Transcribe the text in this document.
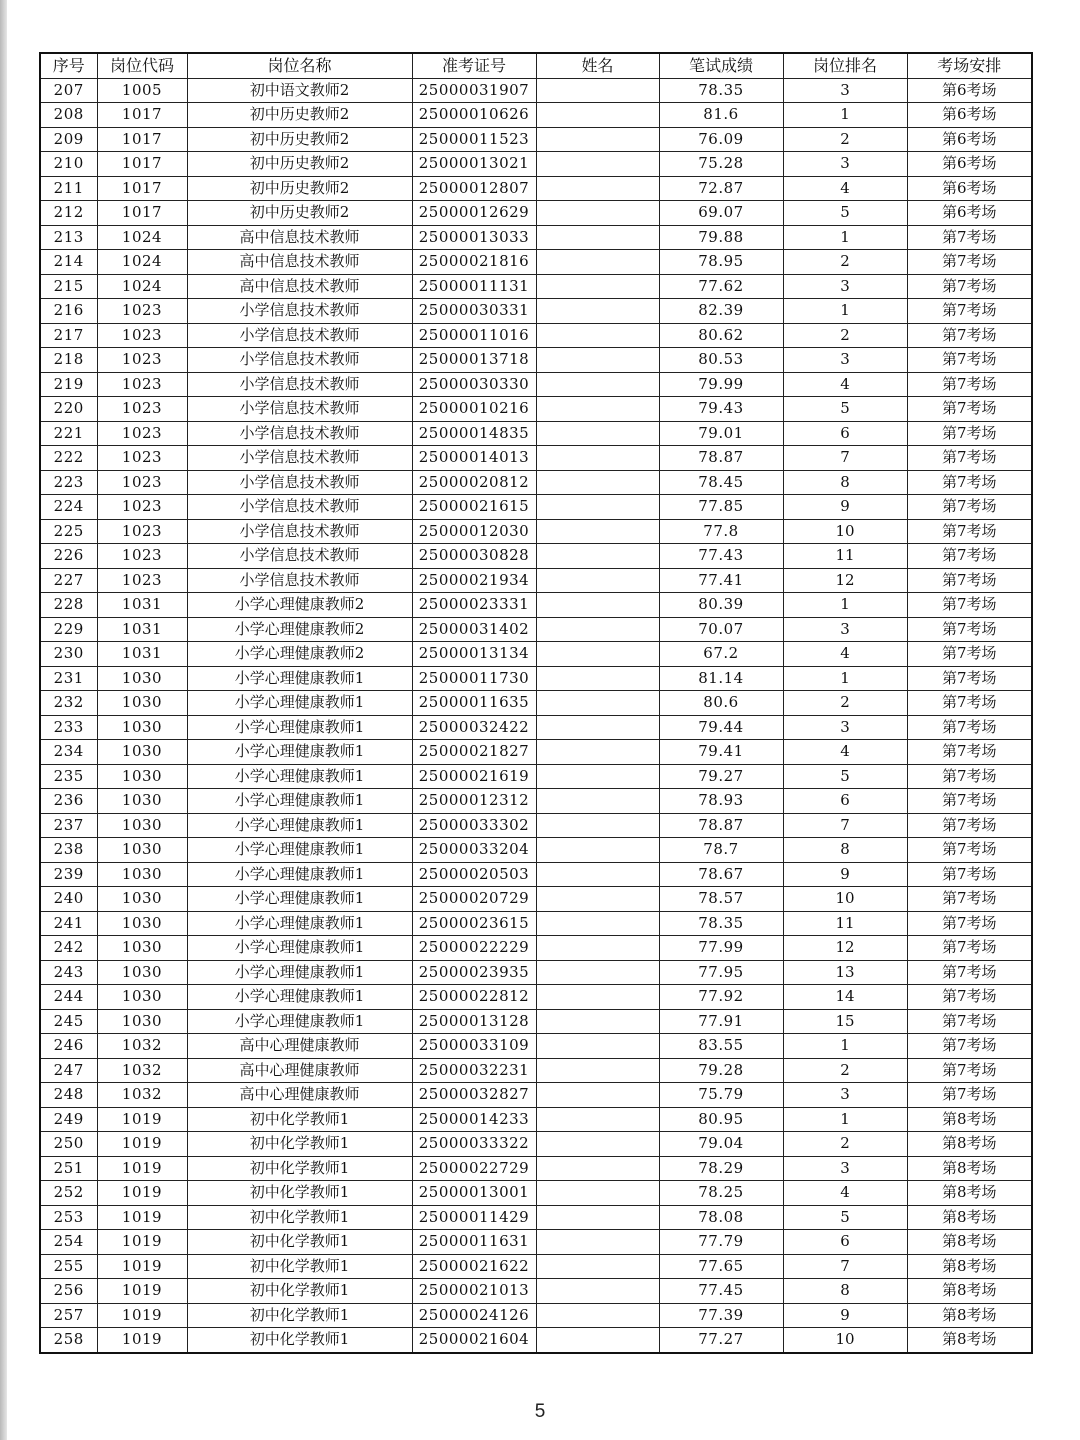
序号	岗位代码	岗位名称	准考证号	姓名	笔试成绩	岗位排名	考场安排
207	1005	初中语文教师2	25000031907		78.35	3	第6考场
208	1017	初中历史教师2	25000010626		81.6	1	第6考场
209	1017	初中历史教师2	25000011523		76.09	2	第6考场
210	1017	初中历史教师2	25000013021		75.28	3	第6考场
211	1017	初中历史教师2	25000012807		72.87	4	第6考场
212	1017	初中历史教师2	25000012629		69.07	5	第6考场
213	1024	高中信息技术教师	25000013033		79.88	1	第7考场
214	1024	高中信息技术教师	25000021816		78.95	2	第7考场
215	1024	高中信息技术教师	25000011131		77.62	3	第7考场
216	1023	小学信息技术教师	25000030331		82.39	1	第7考场
217	1023	小学信息技术教师	25000011016		80.62	2	第7考场
218	1023	小学信息技术教师	25000013718		80.53	3	第7考场
219	1023	小学信息技术教师	25000030330		79.99	4	第7考场
220	1023	小学信息技术教师	25000010216		79.43	5	第7考场
221	1023	小学信息技术教师	25000014835		79.01	6	第7考场
222	1023	小学信息技术教师	25000014013		78.87	7	第7考场
223	1023	小学信息技术教师	25000020812		78.45	8	第7考场
224	1023	小学信息技术教师	25000021615		77.85	9	第7考场
225	1023	小学信息技术教师	25000012030		77.8	10	第7考场
226	1023	小学信息技术教师	25000030828		77.43	11	第7考场
227	1023	小学信息技术教师	25000021934		77.41	12	第7考场
228	1031	小学心理健康教师2	25000023331		80.39	1	第7考场
229	1031	小学心理健康教师2	25000031402		70.07	3	第7考场
230	1031	小学心理健康教师2	25000013134		67.2	4	第7考场
231	1030	小学心理健康教师1	25000011730		81.14	1	第7考场
232	1030	小学心理健康教师1	25000011635		80.6	2	第7考场
233	1030	小学心理健康教师1	25000032422		79.44	3	第7考场
234	1030	小学心理健康教师1	25000021827		79.41	4	第7考场
235	1030	小学心理健康教师1	25000021619		79.27	5	第7考场
236	1030	小学心理健康教师1	25000012312		78.93	6	第7考场
237	1030	小学心理健康教师1	25000033302		78.87	7	第7考场
238	1030	小学心理健康教师1	25000033204		78.7	8	第7考场
239	1030	小学心理健康教师1	25000020503		78.67	9	第7考场
240	1030	小学心理健康教师1	25000020729		78.57	10	第7考场
241	1030	小学心理健康教师1	25000023615		78.35	11	第7考场
242	1030	小学心理健康教师1	25000022229		77.99	12	第7考场
243	1030	小学心理健康教师1	25000023935		77.95	13	第7考场
244	1030	小学心理健康教师1	25000022812		77.92	14	第7考场
245	1030	小学心理健康教师1	25000013128		77.91	15	第7考场
246	1032	高中心理健康教师	25000033109		83.55	1	第7考场
247	1032	高中心理健康教师	25000032231		79.28	2	第7考场
248	1032	高中心理健康教师	25000032827		75.79	3	第7考场
249	1019	初中化学教师1	25000014233		80.95	1	第8考场
250	1019	初中化学教师1	25000033322		79.04	2	第8考场
251	1019	初中化学教师1	25000022729		78.29	3	第8考场
252	1019	初中化学教师1	25000013001		78.25	4	第8考场
253	1019	初中化学教师1	25000011429		78.08	5	第8考场
254	1019	初中化学教师1	25000011631		77.79	6	第8考场
255	1019	初中化学教师1	25000021622		77.65	7	第8考场
256	1019	初中化学教师1	25000021013		77.45	8	第8考场
257	1019	初中化学教师1	25000024126		77.39	9	第8考场
258	1019	初中化学教师1	25000021604		77.27	10	第8考场
5
